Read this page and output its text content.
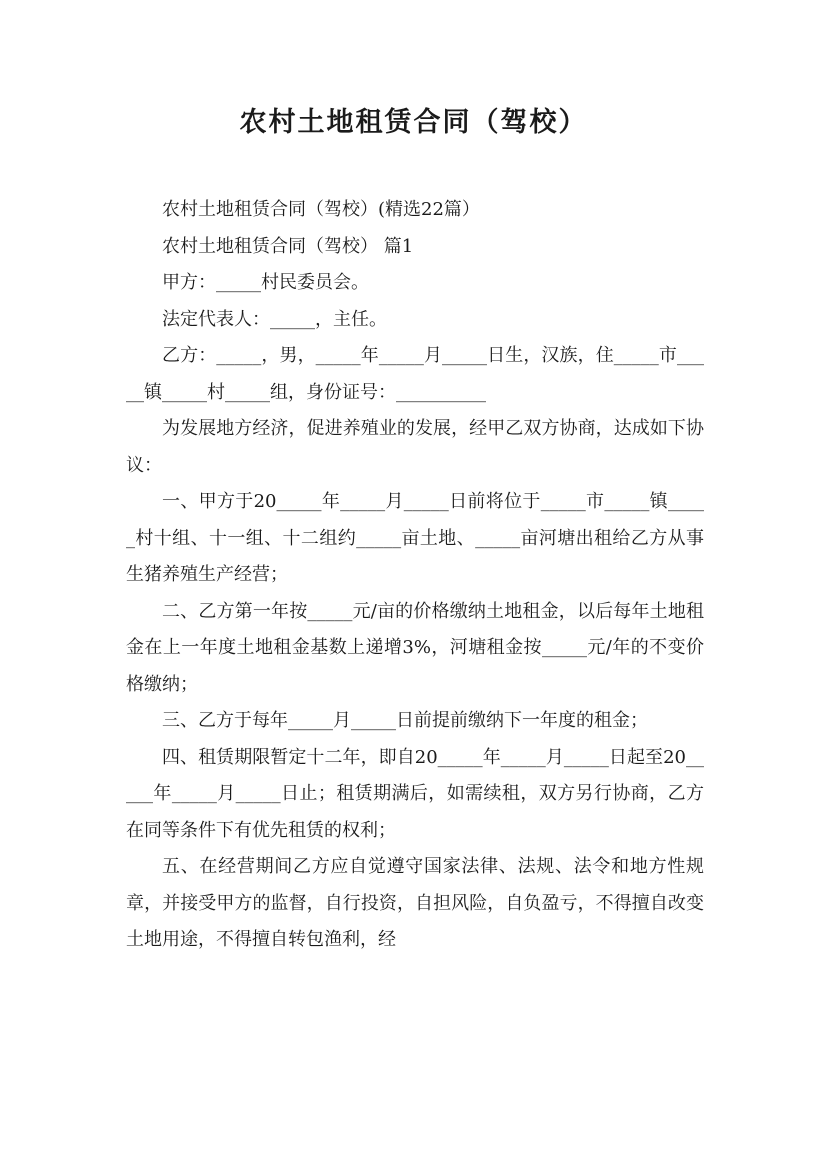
农村土地租赁合同（驾校）

农村土地租赁合同（驾校）(精选22篇）

农村土地租赁合同（驾校） 篇1

甲方：_____村民委员会。

法定代表人：_____，主任。

乙方：_____，男，_____年_____月_____日生，汉族，住_____市_____镇_____村_____组，身份证号：__________

为发展地方经济，促进养殖业的发展，经甲乙双方协商，达成如下协议：

一、甲方于20_____年_____月_____日前将位于_____市_____镇_____村十组、十一组、十二组约_____亩土地、_____亩河塘出租给乙方从事生猪养殖生产经营；

二、乙方第一年按_____元/亩的价格缴纳土地租金，以后每年土地租金在上一年度土地租金基数上递增3%，河塘租金按_____元/年的不变价格缴纳；

三、乙方于每年_____月_____日前提前缴纳下一年度的租金；

四、租赁期限暂定十二年，即自20_____年_____月_____日起至20_____年_____月_____日止；租赁期满后，如需续租，双方另行协商，乙方在同等条件下有优先租赁的权利；

五、在经营期间乙方应自觉遵守国家法律、法规、法令和地方性规章，并接受甲方的监督，自行投资，自担风险，自负盈亏，不得擅自改变土地用途，不得擅自转包渔利，经
